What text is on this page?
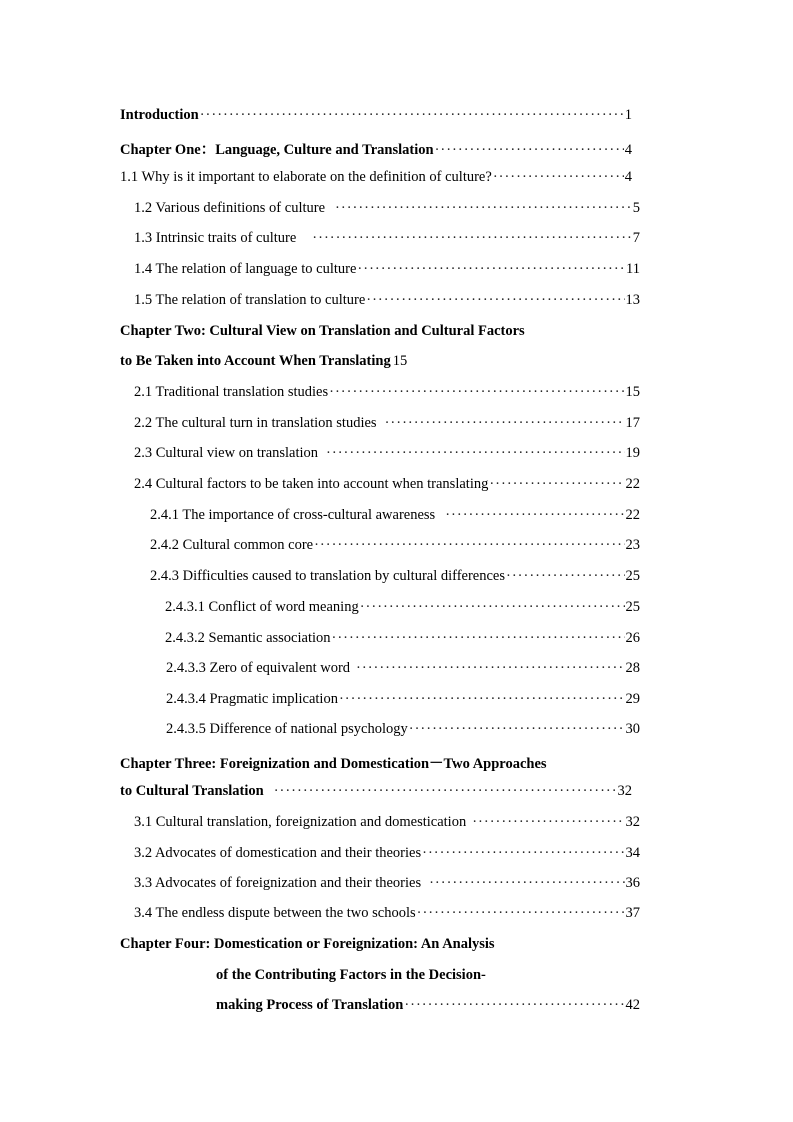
Introduction ·····	1
Chapter One：Language, Culture and Translation ·····	4
1.1 Why is it important to elaborate on the definition of culture? ·····	4
1.2 Various definitions of culture ·····	5
1.3 Intrinsic traits of culture ·····	7
1.4 The relation of language to culture ·····	11
1.5 The relation of translation to culture ·····	13
Chapter Two: Cultural View on Translation and Cultural Factors
to Be Taken into Account When Translating 15
2.1 Traditional translation studies ·····	15
2.2 The cultural turn in translation studies ·····	17
2.3 Cultural view on translation ·····	19
2.4 Cultural factors to be taken into account when translating ·····	22
2.4.1 The importance of cross-cultural awareness ·····	22
2.4.2 Cultural common core ·····	23
2.4.3 Difficulties caused to translation by cultural differences ·····	25
2.4.3.1 Conflict of word meaning ·····	25
2.4.3.2 Semantic association ·····	26
2.4.3.3 Zero of equivalent word ·····	28
2.4.3.4 Pragmatic implication ·····	29
2.4.3.5 Difference of national psychology ·····	30
Chapter Three: Foreignization and Domestication－Two Approaches
to Cultural Translation ·····	32
3.1 Cultural translation, foreignization and domestication ·····	32
3.2 Advocates of domestication and their theories ·····	34
3.3 Advocates of foreignization and their theories ·····	36
3.4 The endless dispute between the two schools ·····	37
Chapter Four: Domestication or Foreignization: An Analysis
of the Contributing Factors in the Decision-
making Process of Translation ·····	42
